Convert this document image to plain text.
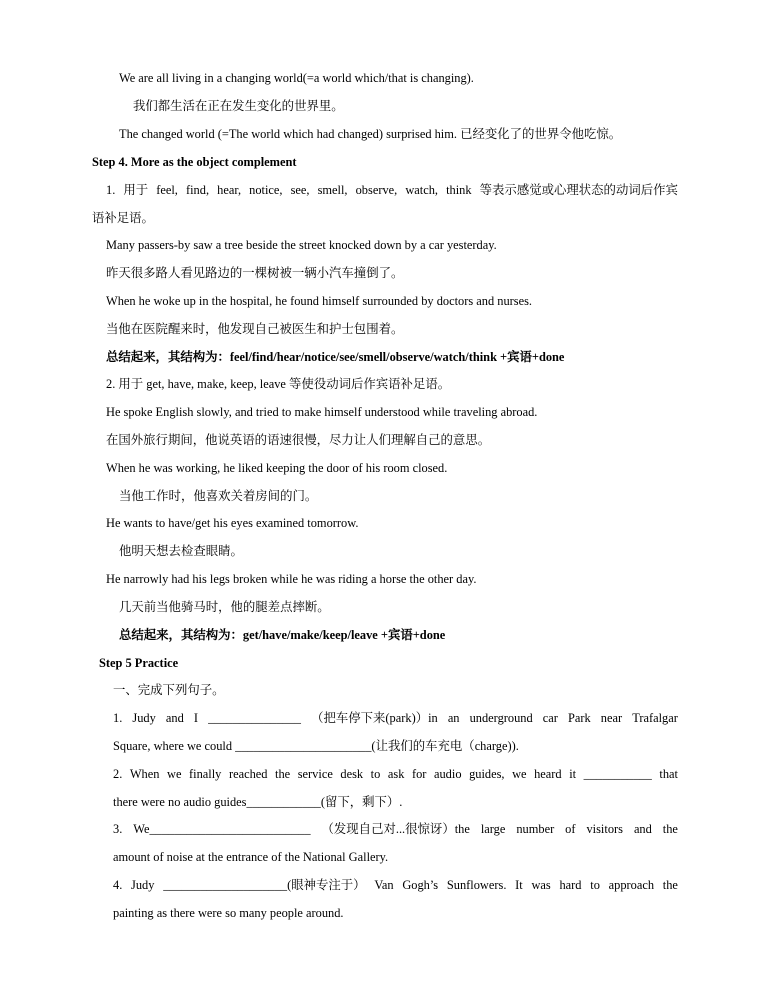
We are all living in a changing world(=a world which/that is changing).
我们都生活在正在发生变化的世界里。
The changed world (=The world which had changed) surprised him. 已经变化了的世界令他吃惊。
Step 4. More as the object complement
1. 用于 feel, find, hear, notice, see, smell, observe, watch, think 等表示感觉或心理状态的动词后作宾
语补足语。
Many passers-by saw a tree beside the street knocked down by a car yesterday.
昨天很多路人看见路边的一棵树被一辆小汽车撞倒了。
When he woke up in the hospital, he found himself surrounded by doctors and nurses.
当他在医院醒来时，他发现自己被医生和护士包围着。
总结起来，其结构为：feel/find/hear/notice/see/smell/observe/watch/think +宾语+done
2. 用于 get, have, make, keep, leave 等使役动词后作宾语补足语。
He spoke English slowly, and tried to make himself understood while traveling abroad.
在国外旅行期间，他说英语的语速很慢，尽力让人们理解自己的意思。
When he was working, he liked keeping the door of his room closed.
当他工作时，他喜欢关着房间的门。
He wants to have/get his eyes examined tomorrow.
他明天想去检查眼睛。
He narrowly had his legs broken while he was riding a horse the other day.
几天前当他骑马时，他的腿差点摔断。
总结起来，其结构为：get/have/make/keep/leave +宾语+done
Step 5 Practice
一、完成下列句子。
1. Judy and I _______________ （把车停下来(park)）in an underground car Park near Trafalgar
Square, where we could ______________________(让我们的车充电（charge)).
2. When we finally reached the service desk to ask for audio guides, we heard it ___________ that
there were no audio guides____________(留下，剩下）.
3. We__________________________ （发现自己对...很惊讶）the large number of visitors and the
amount of noise at the entrance of the National Gallery.
4. Judy ____________________(眼神专注于） Van Gogh’s Sunflowers. It was hard to approach the
painting as there were so many people around.
